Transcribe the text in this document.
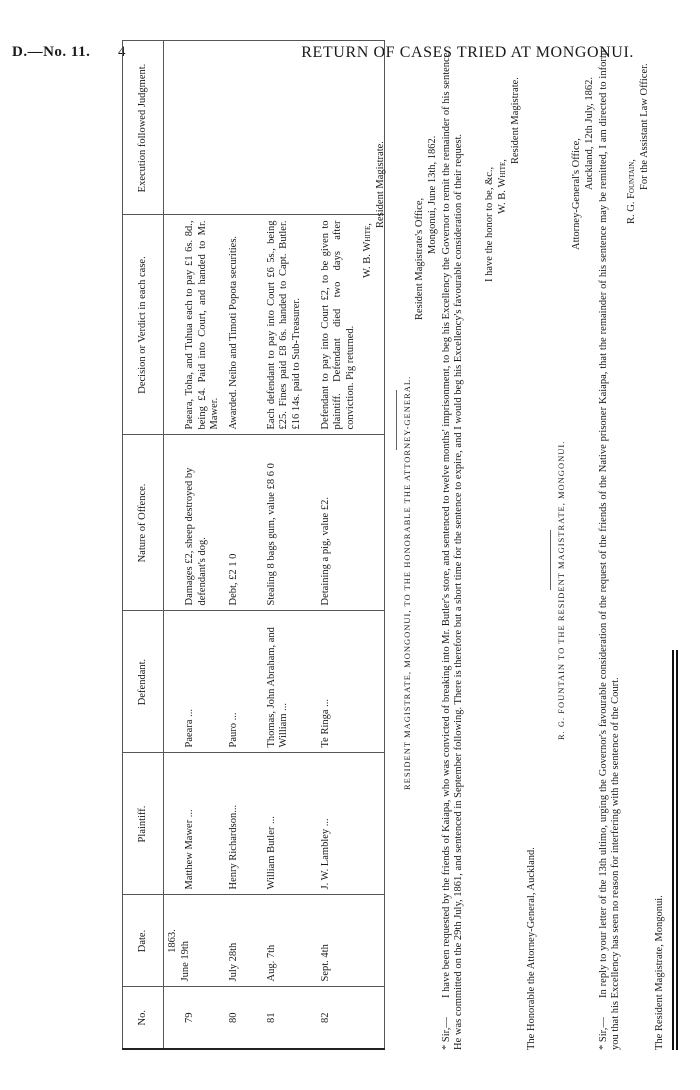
D.—No. 11. 4	RETURN OF CASES TRIED AT MONGONUI.
No.	Date.	Plaintiff.	Defendant.	Nature of Offence.	Decision or Verdict in each case.	Execution followed Judgment.
79	1863. June 19th	Matthew Mawer ...	Paeara ...	Damages £2, sheep destroyed by defendant's dog.	Paeara, Toha, and Tuhua each to pay £1 6s. 8d., being £4. Paid into Court, and handed to Mr. Mawer.	
80	July 28th	Henry Richardson...	Pauro ...	Debt, £2 1 0	Awarded. Neiho and Timoti Popota securities.	
81	Aug. 7th	William Butler ...	Thomas, John Abraham, and William ...	Stealing 8 bags gum, value £8 6 0	Each defendant to pay into Court £6 5s., being £25. Fines paid £8 6s. handed to Capt. Butler. £16 14s. paid to Sub-Treasurer.	
82	Sept. 4th	J. W. Lambley ...	Te Ringa ...	Detaining a pig, value £2.	Defendant to pay into Court £2, to be given to plaintiff. Defendant died two days after conviction. Pig returned.	
W. B. White,
Resident Magistrate.
RESIDENT MAGISTRATE, MONGONUI, TO THE HONORABLE THE ATTORNEY-GENERAL.
Resident Magistrate's Office,
Mongonui, June 13th, 1862.
* Sir,—
I have been requested by the friends of Kaiapa, who was convicted of breaking into Mr. Butler's store, and sentenced to twelve months' imprisonment, to beg his Excellency the Governor to remit the remainder of his sentence. He was committed on the 29th July, 1861, and sentenced in September following. There is therefore but a short time for the sentence to expire, and I would beg his Excellency's favourable consideration of their request. I have the honor to be, &c., W. B. White,
Resident Magistrate.
The Honorable the Attorney-General, Auckland.
R. G. FOUNTAIN TO THE RESIDENT MAGISTRATE, MONGONUI.
Attorney-General's Office,
Auckland, 12th July, 1862.
* Sir,—
In reply to your letter of the 13th ultimo, urging the Governor's favourable consideration of the request of the friends of the Native prisoner Kaiapa, that the remainder of his sentence may be remitted, I am directed to inform you that his Excellency has seen no reason for interfering with the sentence of the Court.
R. G. Fountain, For the Assistant Law Officer.
The Resident Magistrate, Mongonui.
